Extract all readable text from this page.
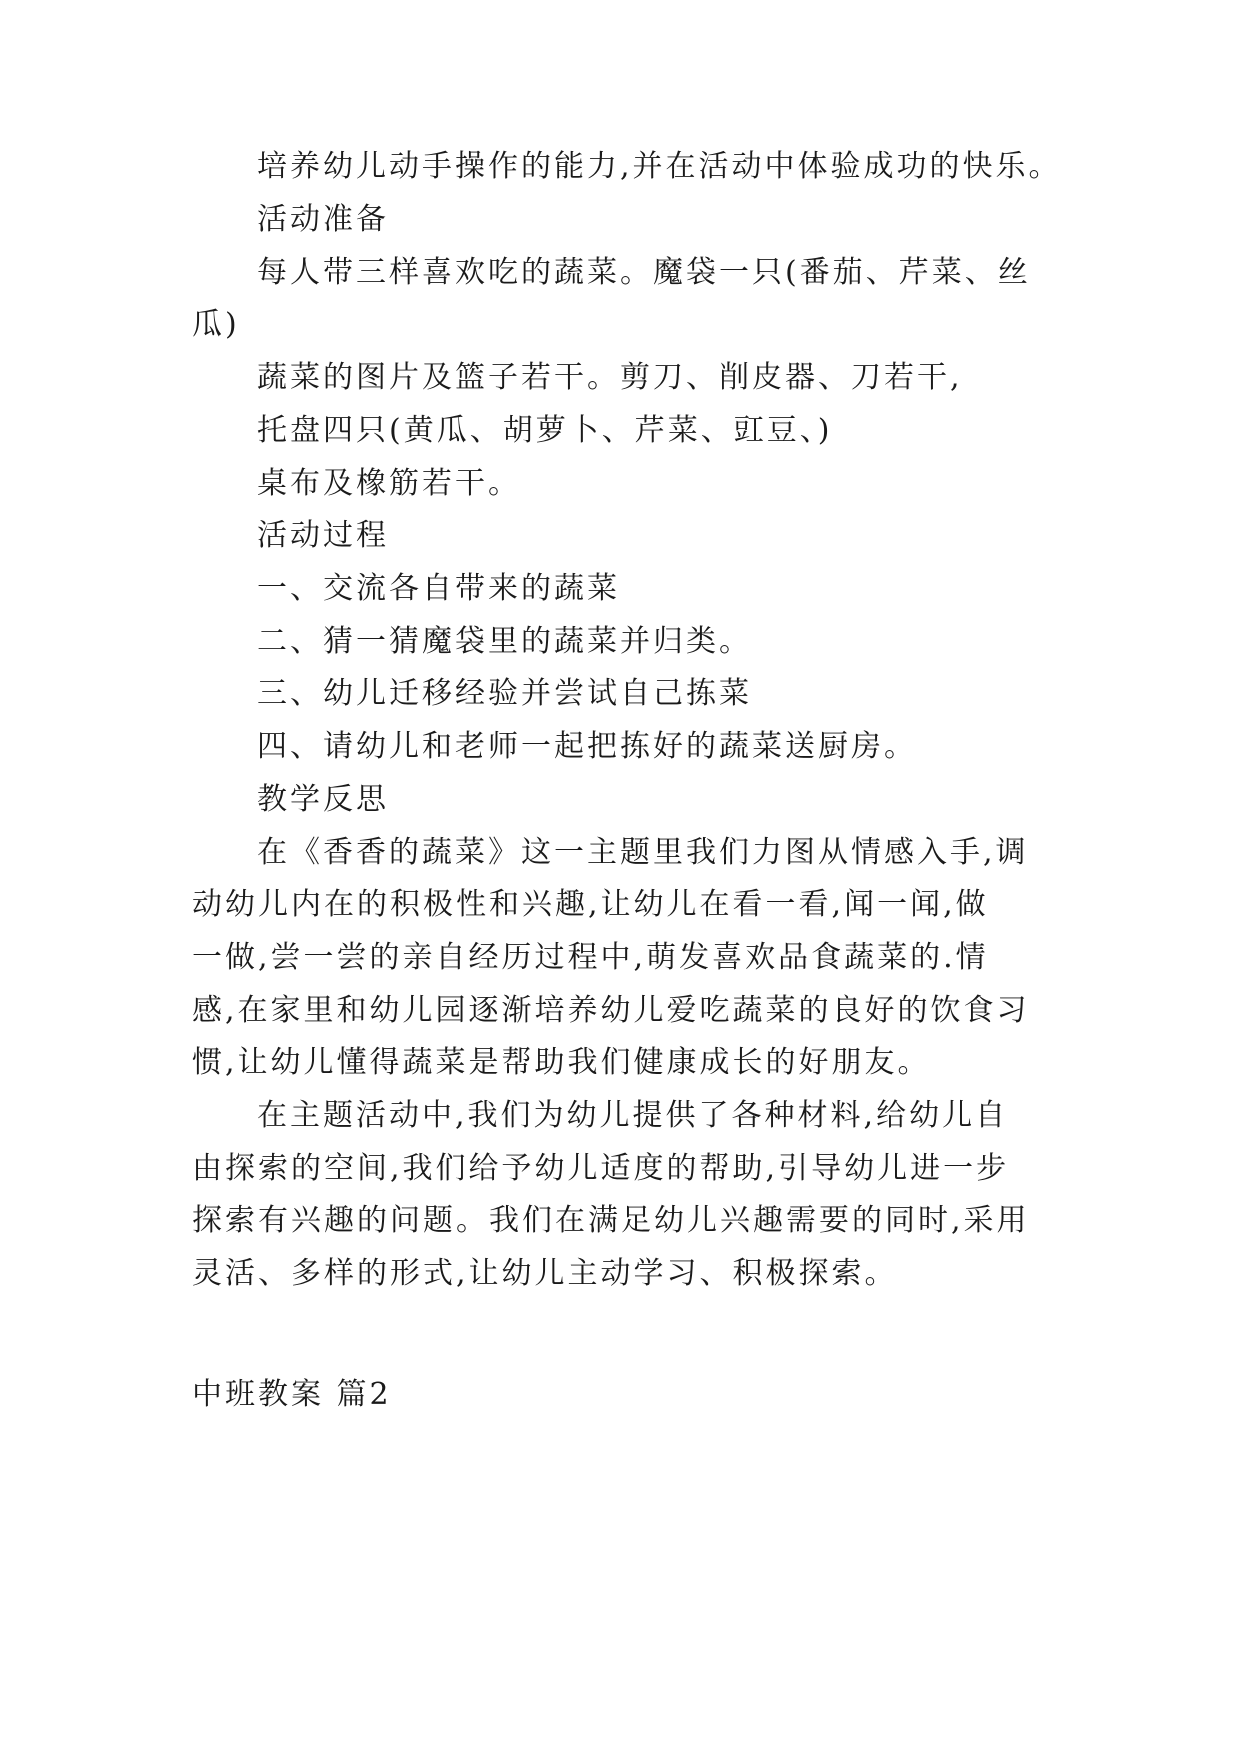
培养幼儿动手操作的能力,并在活动中体验成功的快乐。
活动准备
每人带三样喜欢吃的蔬菜。魔袋一只(番茄、芹菜、丝
瓜)
蔬菜的图片及篮子若干。剪刀、削皮器、刀若干,
托盘四只(黄瓜、胡萝卜、芹菜、豇豆、)
桌布及橡筋若干。
活动过程
一、交流各自带来的蔬菜
二、猜一猜魔袋里的蔬菜并归类。
三、幼儿迁移经验并尝试自己拣菜
四、请幼儿和老师一起把拣好的蔬菜送厨房。
教学反思
在《香香的蔬菜》这一主题里我们力图从情感入手,调
动幼儿内在的积极性和兴趣,让幼儿在看一看,闻一闻,做
一做,尝一尝的亲自经历过程中,萌发喜欢品食蔬菜的.情
感,在家里和幼儿园逐渐培养幼儿爱吃蔬菜的良好的饮食习
惯,让幼儿懂得蔬菜是帮助我们健康成长的好朋友。
在主题活动中,我们为幼儿提供了各种材料,给幼儿自
由探索的空间,我们给予幼儿适度的帮助,引导幼儿进一步
探索有兴趣的问题。我们在满足幼儿兴趣需要的同时,采用
灵活、多样的形式,让幼儿主动学习、积极探索。
中班教案 篇2
